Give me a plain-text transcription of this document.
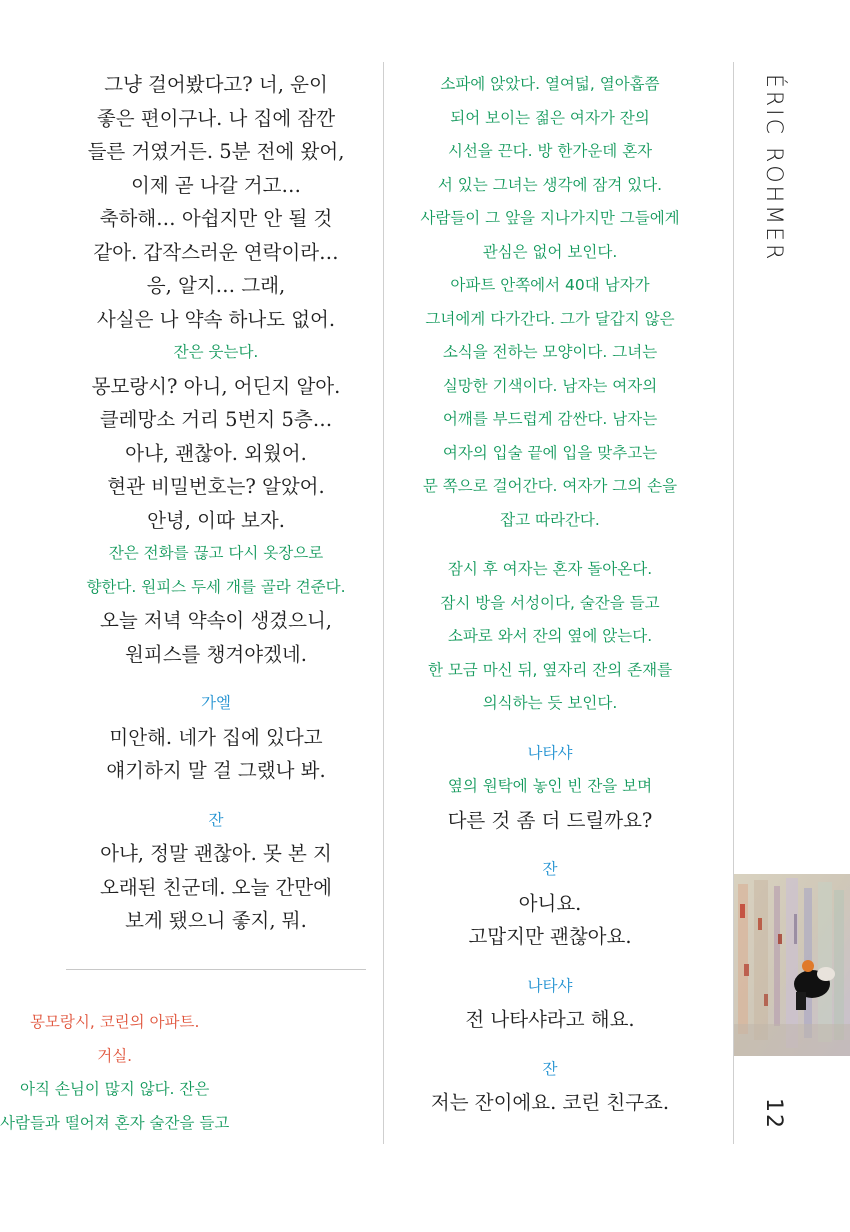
그냥 걸어봤다고? 너, 운이
좋은 편이구나. 나 집에 잠깐
들른 거였거든. 5분 전에 왔어,
이제 곧 나갈 거고…
축하해… 아쉽지만 안 될 것
같아. 갑작스러운 연락이라…
응, 알지… 그래,
사실은 나 약속 하나도 없어.
잔은 웃는다.
몽모랑시? 아니, 어딘지 알아.
클레망소 거리 5번지 5층…
아냐, 괜찮아. 외웠어.
현관 비밀번호는? 알았어.
안녕, 이따 보자.
잔은 전화를 끊고 다시 옷장으로
향한다. 원피스 두세 개를 골라 견준다.
오늘 저녁 약속이 생겼으니,
원피스를 챙겨야겠네.
가엘
미안해. 네가 집에 있다고
얘기하지 말 걸 그랬나 봐.
잔
아냐, 정말 괜찮아. 못 본 지
오래된 친군데. 오늘 간만에
보게 됐으니 좋지, 뭐.
몽모랑시, 코린의 아파트.
거실.
아직 손님이 많지 않다. 잔은
사람들과 떨어져 혼자 술잔을 들고
소파에 앉았다. 열여덟, 열아홉쯤
되어 보이는 젊은 여자가 잔의
시선을 끈다. 방 한가운데 혼자
서 있는 그녀는 생각에 잠겨 있다.
사람들이 그 앞을 지나가지만 그들에게
관심은 없어 보인다.
아파트 안쪽에서 40대 남자가
그녀에게 다가간다. 그가 달갑지 않은
소식을 전하는 모양이다. 그녀는
실망한 기색이다. 남자는 여자의
어깨를 부드럽게 감싼다. 남자는
여자의 입술 끝에 입을 맞추고는
문 쪽으로 걸어간다. 여자가 그의 손을
잡고 따라간다.
잠시 후 여자는 혼자 돌아온다.
잠시 방을 서성이다, 술잔을 들고
소파로 와서 잔의 옆에 앉는다.
한 모금 마신 뒤, 옆자리 잔의 존재를
의식하는 듯 보인다.
나타샤
옆의 원탁에 놓인 빈 잔을 보며
다른 것 좀 더 드릴까요?
잔
아니요.
고맙지만 괜찮아요.
나타샤
전 나타샤라고 해요.
잔
저는 잔이에요. 코린 친구죠.
ÉRIC ROHMER
12
